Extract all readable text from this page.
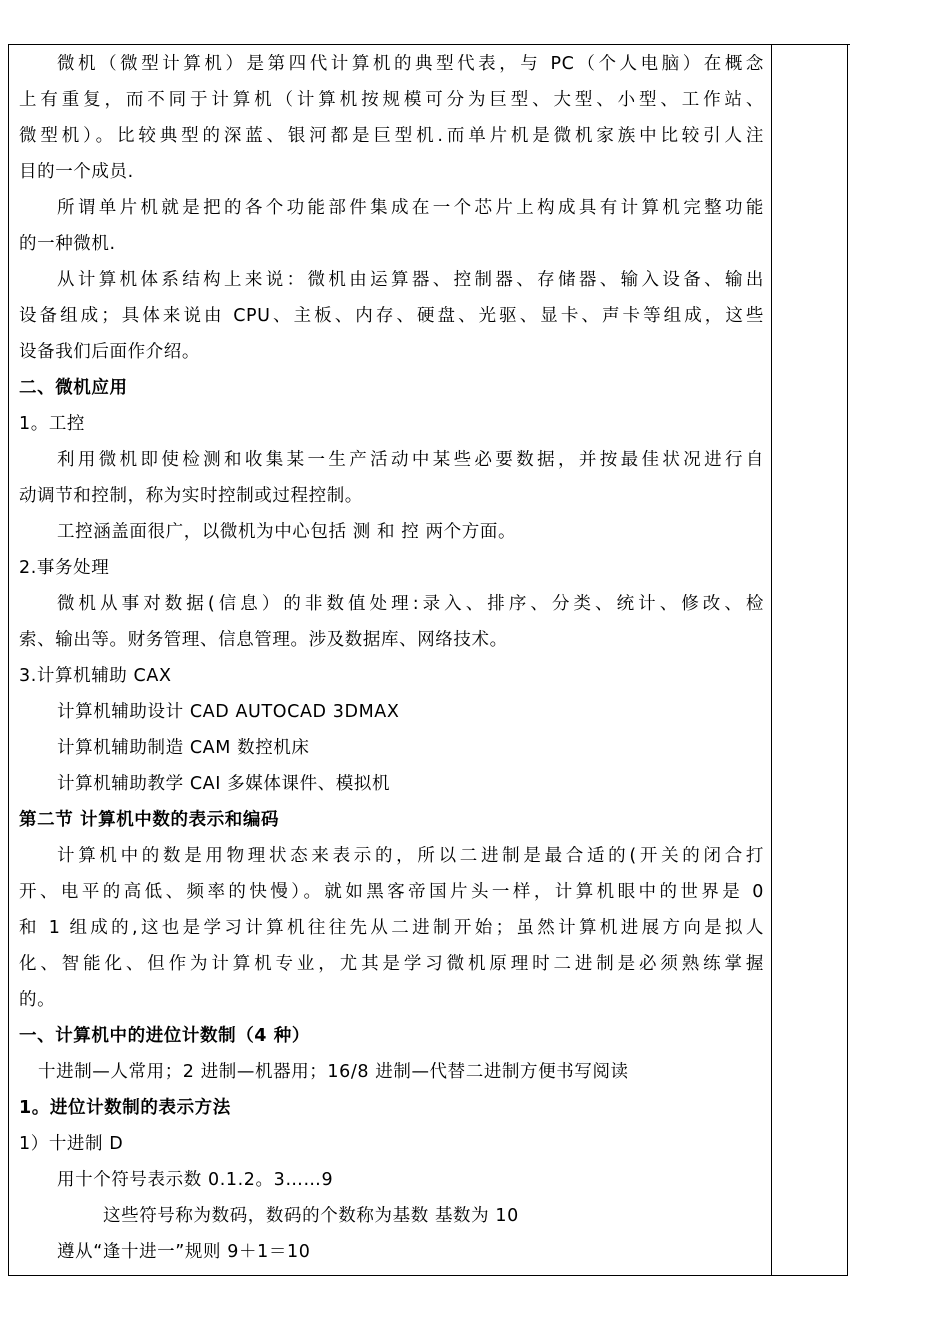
微机（微型计算机）是第四代计算机的典型代表，与 PC（个人电脑）在概念
上有重复，而不同于计算机（计算机按规模可分为巨型、大型、小型、工作站、
微型机）。比较典型的深蓝、银河都是巨型机.而单片机是微机家族中比较引人注
目的一个成员.
所谓单片机就是把的各个功能部件集成在一个芯片上构成具有计算机完整功能
的一种微机.
从计算机体系结构上来说：微机由运算器、控制器、存储器、输入设备、输出
设备组成；具体来说由 CPU、主板、内存、硬盘、光驱、显卡、声卡等组成，这些
设备我们后面作介绍。
二、微机应用
1。工控
利用微机即使检测和收集某一生产活动中某些必要数据，并按最佳状况进行自
动调节和控制，称为实时控制或过程控制。
工控涵盖面很广，以微机为中心包括 测 和 控 两个方面。
2.事务处理
微机从事对数据(信息）的非数值处理:录入、排序、分类、统计、修改、检
索、输出等。财务管理、信息管理。涉及数据库、网络技术。
3.计算机辅助 CAX
计算机辅助设计 CAD AUTOCAD 3DMAX
计算机辅助制造 CAM 数控机床
计算机辅助教学 CAI 多媒体课件、模拟机
第二节 计算机中数的表示和编码
计算机中的数是用物理状态来表示的，所以二进制是最合适的(开关的闭合打
开、电平的高低、频率的快慢）。就如黑客帝国片头一样，计算机眼中的世界是 0
和 1 组成的,这也是学习计算机往往先从二进制开始；虽然计算机进展方向是拟人
化、智能化、但作为计算机专业，尤其是学习微机原理时二进制是必须熟练掌握
的。
一、计算机中的进位计数制（4 种）
十进制—人常用；2 进制—机器用；16/8 进制—代替二进制方便书写阅读
1。进位计数制的表示方法
1）十进制 D
用十个符号表示数 0.1.2。3……9
这些符号称为数码，数码的个数称为基数 基数为 10
遵从“逢十进一”规则 9＋1＝10
